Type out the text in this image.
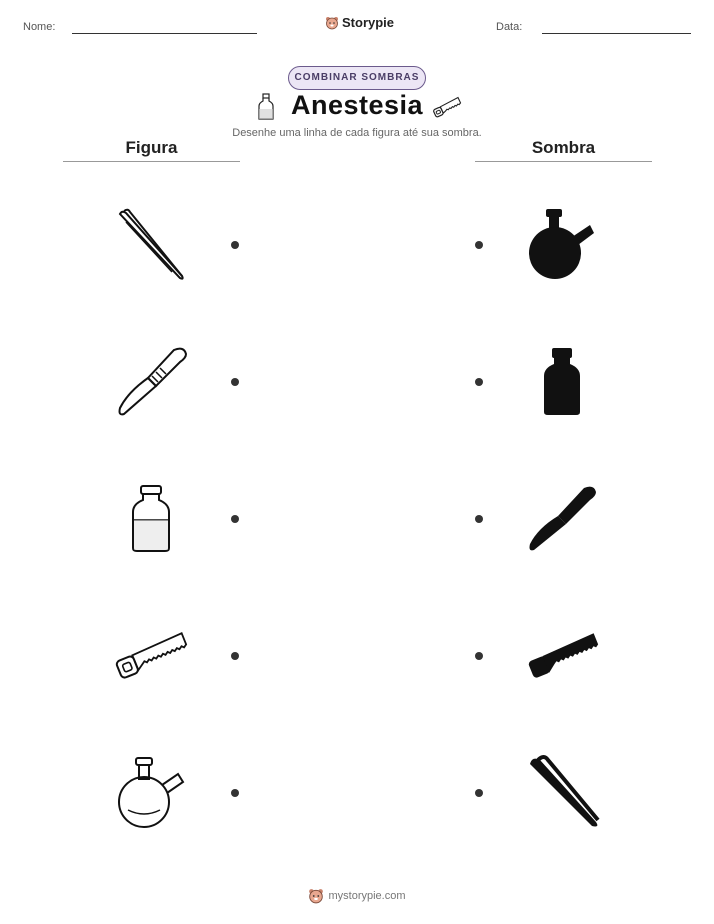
Nome:	Storypie	Data:
COMBINAR SOMBRAS
Anestesia
Desenhe uma linha de cada figura até sua sombra.
Figura	Sombra
mystorypie.com
